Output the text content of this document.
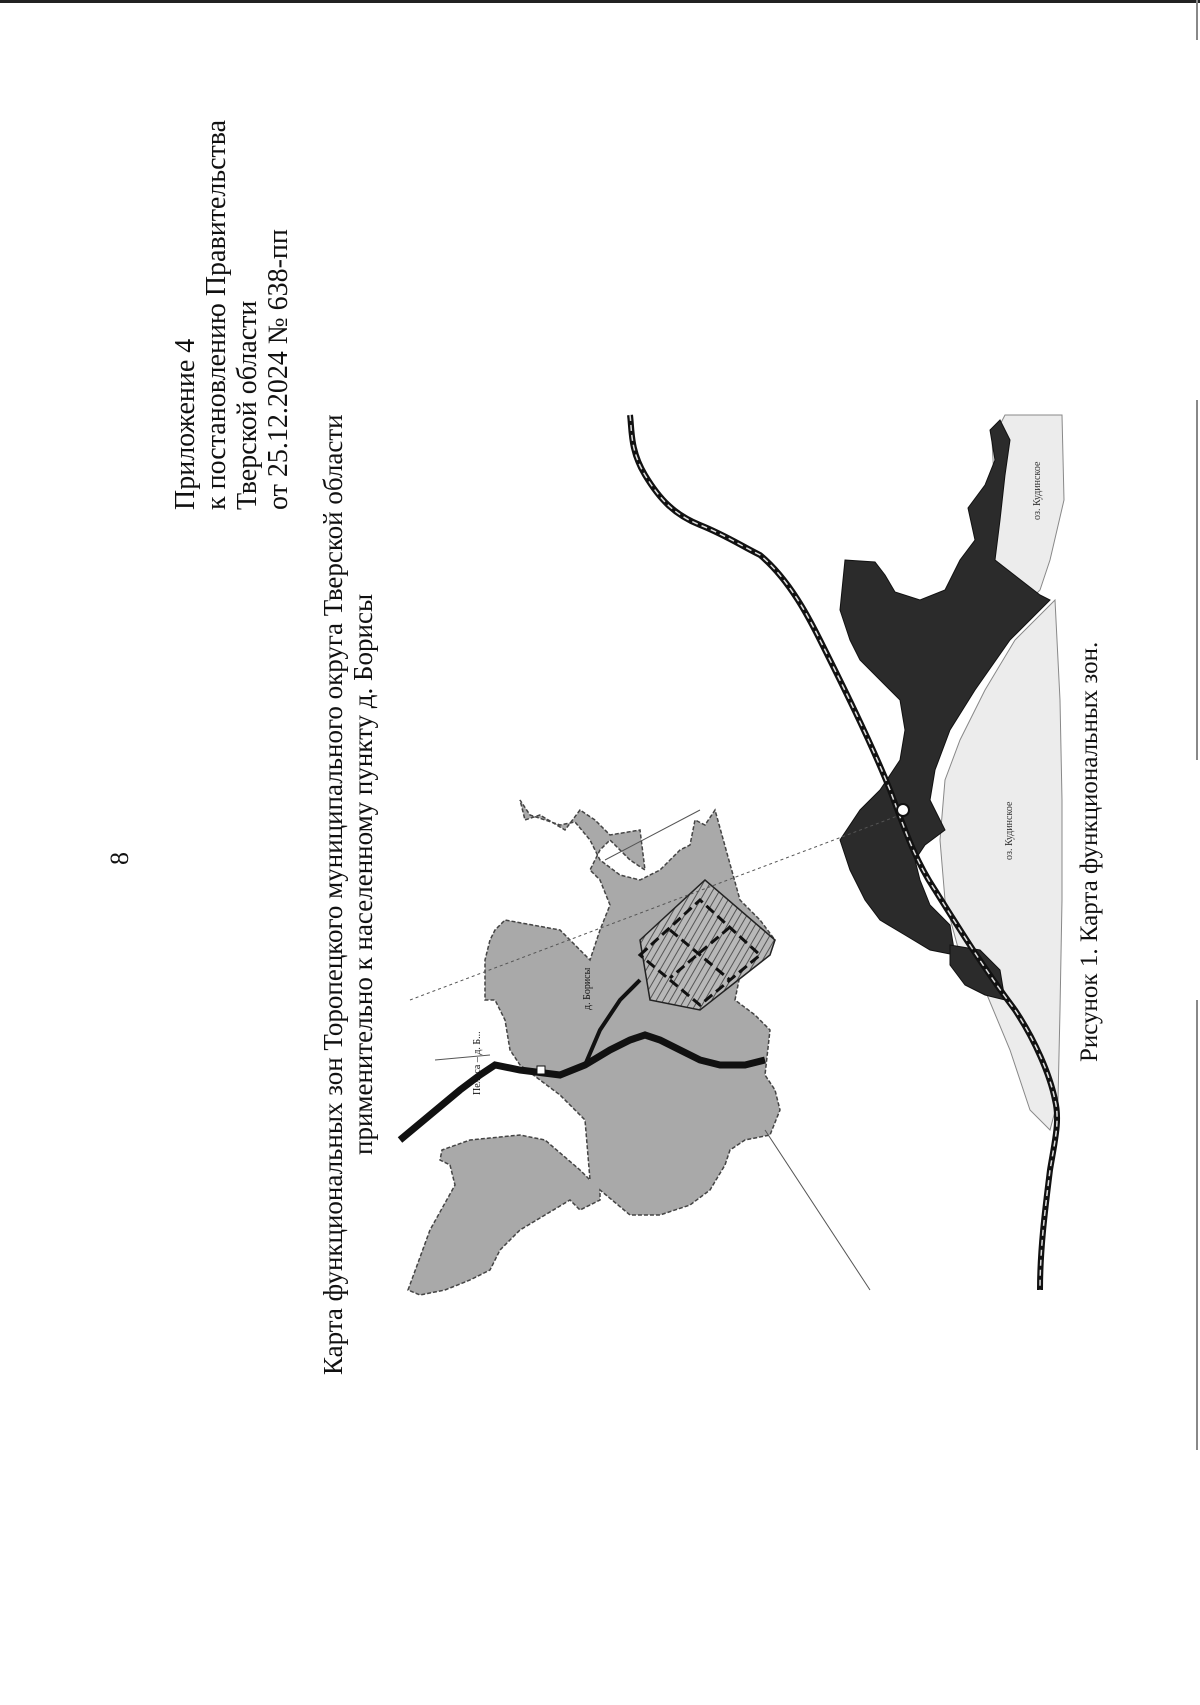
д. Борисы
Пелеса – д. Б...
оз. Кудинское
оз. Кудинское
8
Приложение 4 к постановлению Правительства Тверской области от 25.12.2024 № 638-пп
Карта функциональных зон Торопецкого муниципального округа Тверской области применительно к населенному пункту д. Борисы	Рисунок 1. Карта функциональных зон.
